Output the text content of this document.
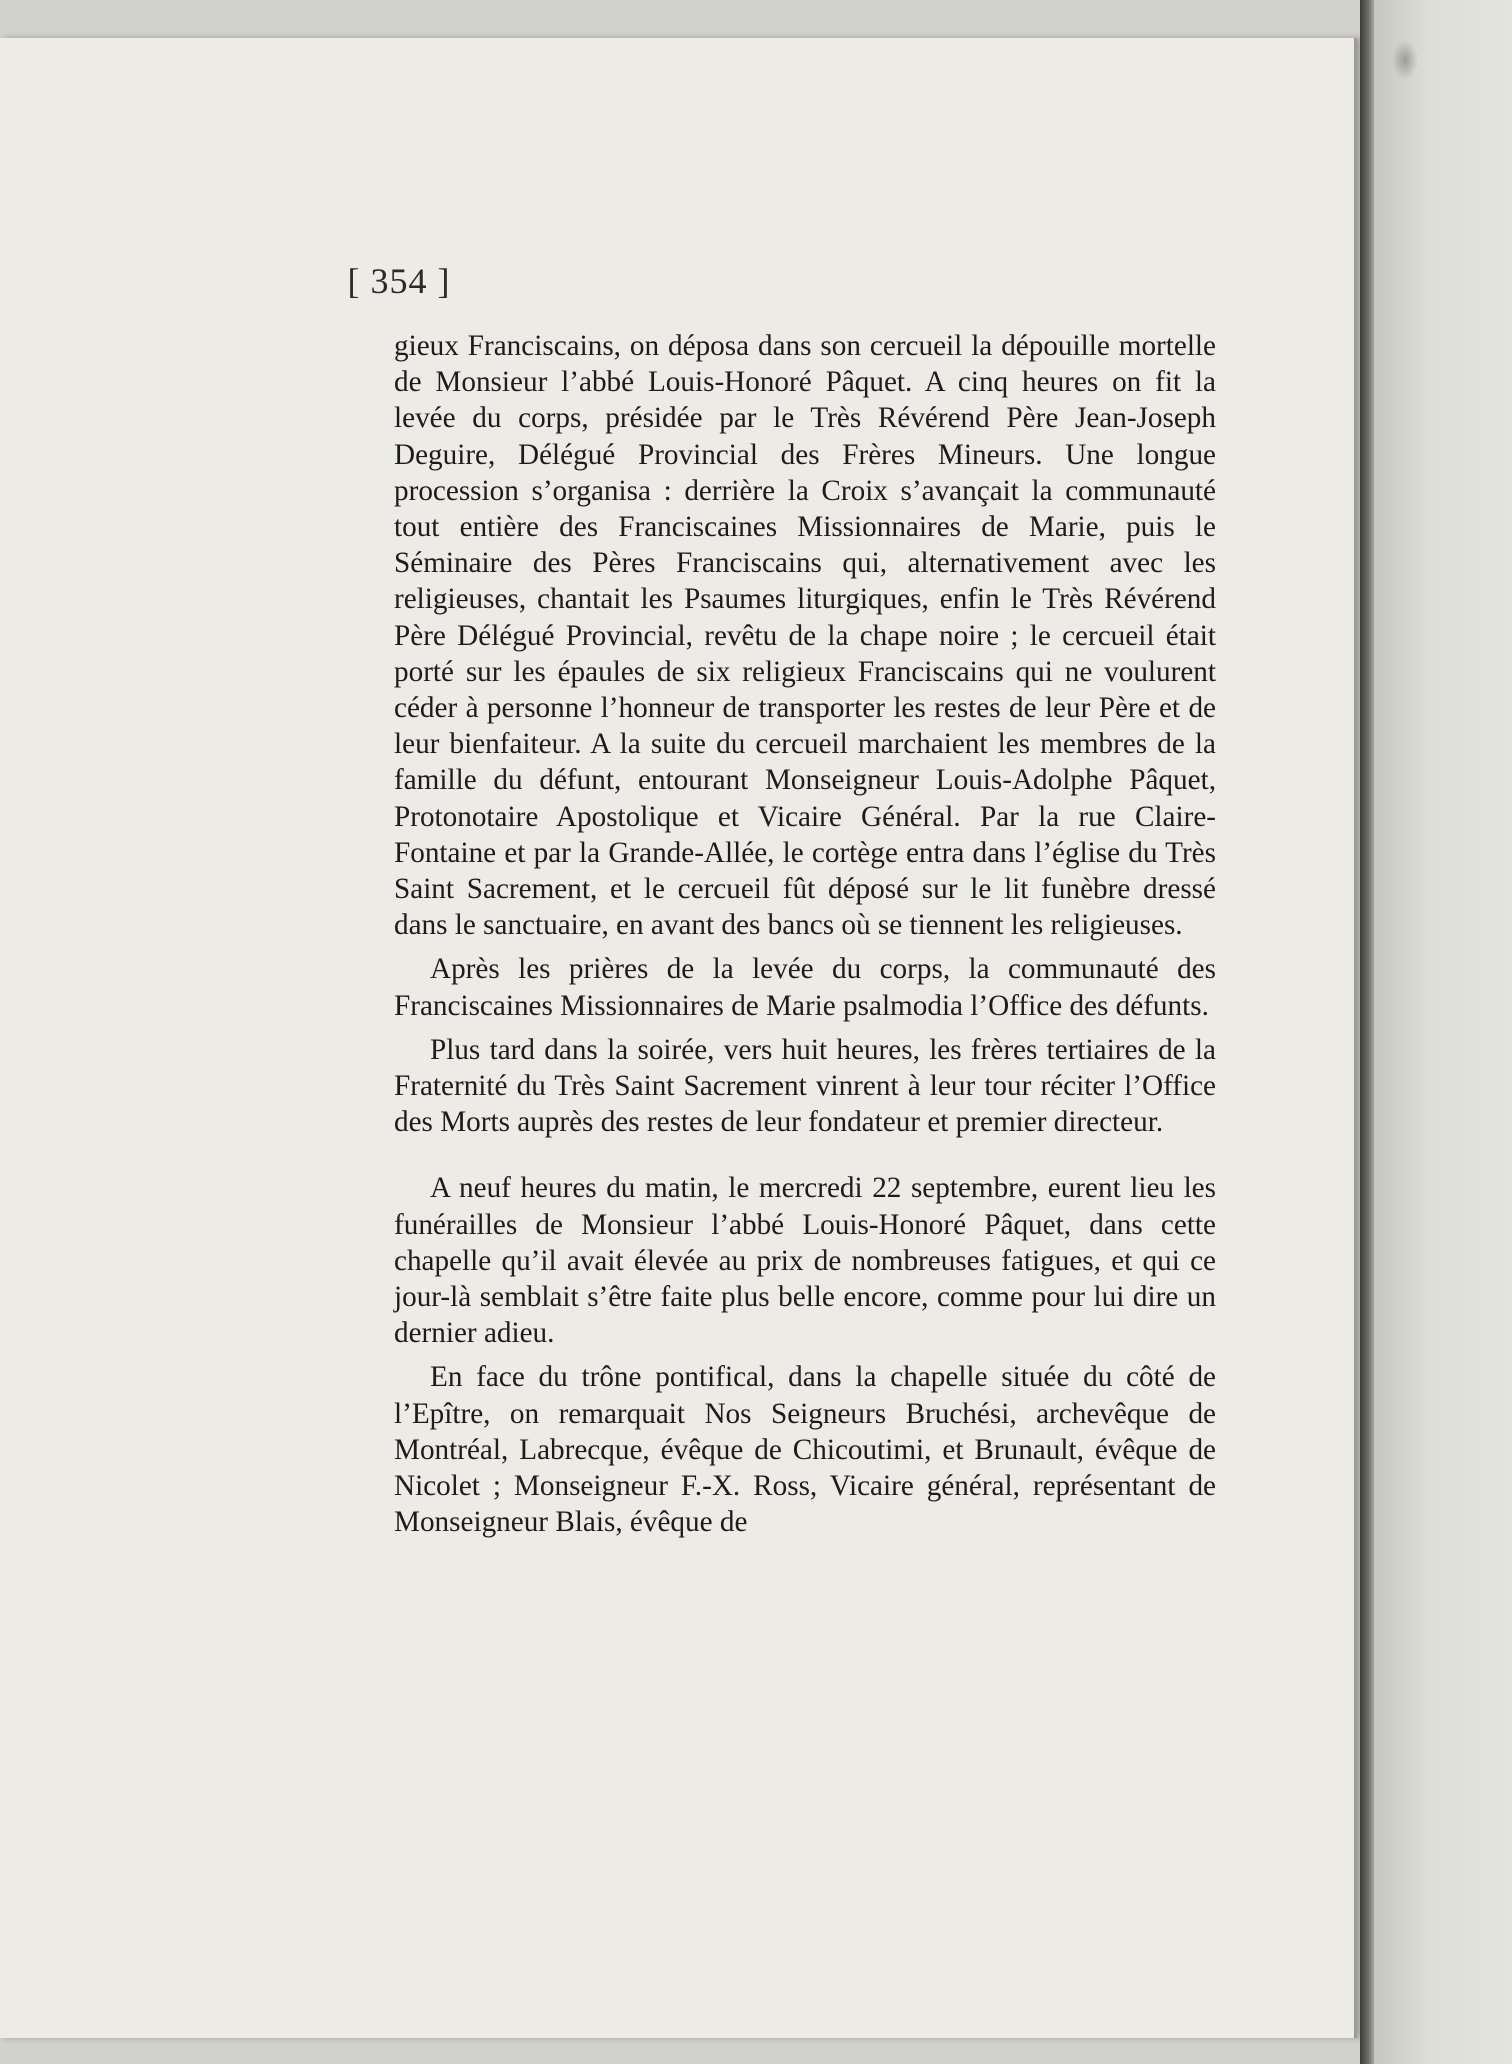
[ 354 ]

gieux Franciscains, on déposa dans son cercueil la dépouille mortelle de Monsieur l’abbé Louis-Honoré Pâquet. A cinq heures on fit la levée du corps, présidée par le Très Révérend Père Jean-Joseph Deguire, Délégué Provincial des Frères Mineurs. Une longue procession s’organisa : derrière la Croix s’avançait la communauté tout entière des Franciscaines Missionnaires de Marie, puis le Séminaire des Pères Franciscains qui, alternativement avec les religieuses, chantait les Psaumes liturgiques, enfin le Très Révérend Père Délégué Provincial, revêtu de la chape noire ; le cercueil était porté sur les épaules de six religieux Franciscains qui ne voulurent céder à personne l’honneur de transporter les restes de leur Père et de leur bienfaiteur. A la suite du cercueil marchaient les membres de la famille du défunt, entourant Monseigneur Louis-Adolphe Pâquet, Protonotaire Apostolique et Vicaire Général. Par la rue Claire-Fontaine et par la Grande-Allée, le cortège entra dans l’église du Très Saint Sacrement, et le cercueil fût déposé sur le lit funèbre dressé dans le sanctuaire, en avant des bancs où se tiennent les religieuses.

Après les prières de la levée du corps, la communauté des Franciscaines Missionnaires de Marie psalmodia l’Office des défunts.

Plus tard dans la soirée, vers huit heures, les frères tertiaires de la Fraternité du Très Saint Sacrement vinrent à leur tour réciter l’Office des Morts auprès des restes de leur fondateur et premier directeur.

A neuf heures du matin, le mercredi 22 septembre, eurent lieu les funérailles de Monsieur l’abbé Louis-Honoré Pâquet, dans cette chapelle qu’il avait élevée au prix de nombreuses fatigues, et qui ce jour-là semblait s’être faite plus belle encore, comme pour lui dire un dernier adieu.

En face du trône pontifical, dans la chapelle située du côté de l’Epître, on remarquait Nos Seigneurs Bruchési, archevêque de Montréal, Labrecque, évêque de Chicoutimi, et Brunault, évêque de Nicolet ; Monseigneur F.-X. Ross, Vicaire général, représentant de Monseigneur Blais, évêque de
